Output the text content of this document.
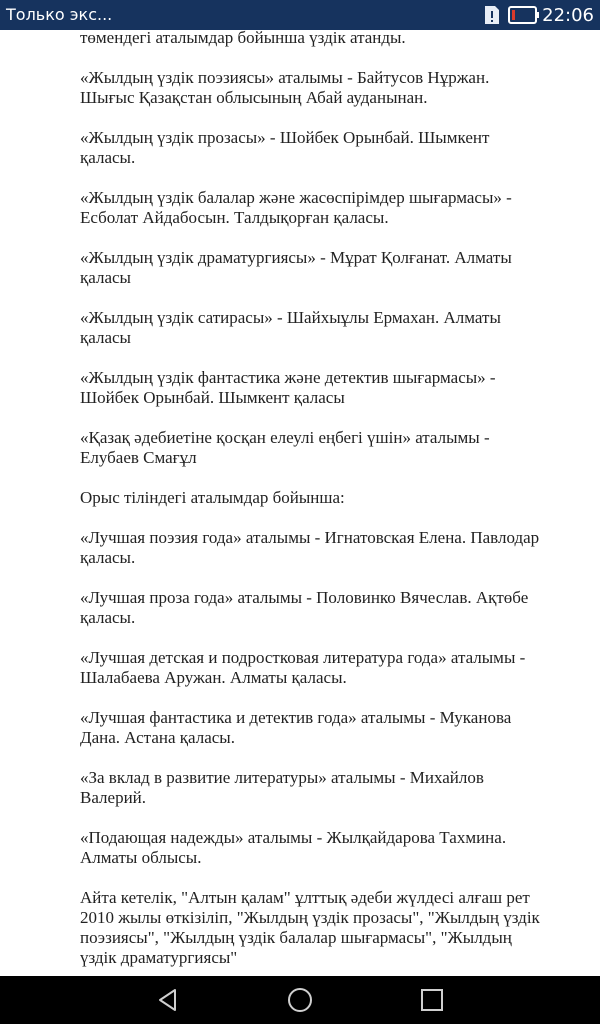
Только экс...	22:06

төмендегі аталымдар бойынша үздік атанды.

«Жылдың үздік поэзиясы» аталымы - Байтусов Нұржан. Шығыс Қазақстан облысының Абай ауданынан.

«Жылдың үздік прозасы» - Шойбек Орынбай. Шымкент қаласы.

«Жылдың үздік балалар және жасөспірімдер шығармасы» - Есболат Айдабосын. Талдықорған қаласы.

«Жылдың үздік драматургиясы» - Мұрат Қолғанат. Алматы қаласы

«Жылдың үздік сатирасы» - Шайхыұлы Ермахан. Алматы қаласы

«Жылдың үздік фантастика және детектив шығармасы» - Шойбек Орынбай. Шымкент қаласы

«Қазақ әдебиетіне қосқан елеулі еңбегі үшін» аталымы - Елубаев Смағұл

Орыс тіліндегі аталымдар бойынша:

«Лучшая поэзия года» аталымы - Игнатовская Елена. Павлодар қаласы.

«Лучшая проза года» аталымы - Половинко Вячеслав. Ақтөбе қаласы.

«Лучшая детская и подростковая литература года» аталымы - Шалабаева Аружан. Алматы қаласы.

«Лучшая фантастика и детектив года» аталымы - Муканова Дана. Астана қаласы.

«За вклад в развитие литературы» аталымы - Михайлов Валерий.

«Подающая надежды» аталымы - Жылқайдарова Тахмина. Алматы облысы.

Айта кетелік, "Алтын қалам" ұлттық әдеби жүлдесі алғаш рет 2010 жылы өткізіліп, "Жылдың үздік прозасы", "Жылдың үздік поэзиясы", "Жылдың үздік балалар шығармасы", "Жылдың үздік драматургиясы"
